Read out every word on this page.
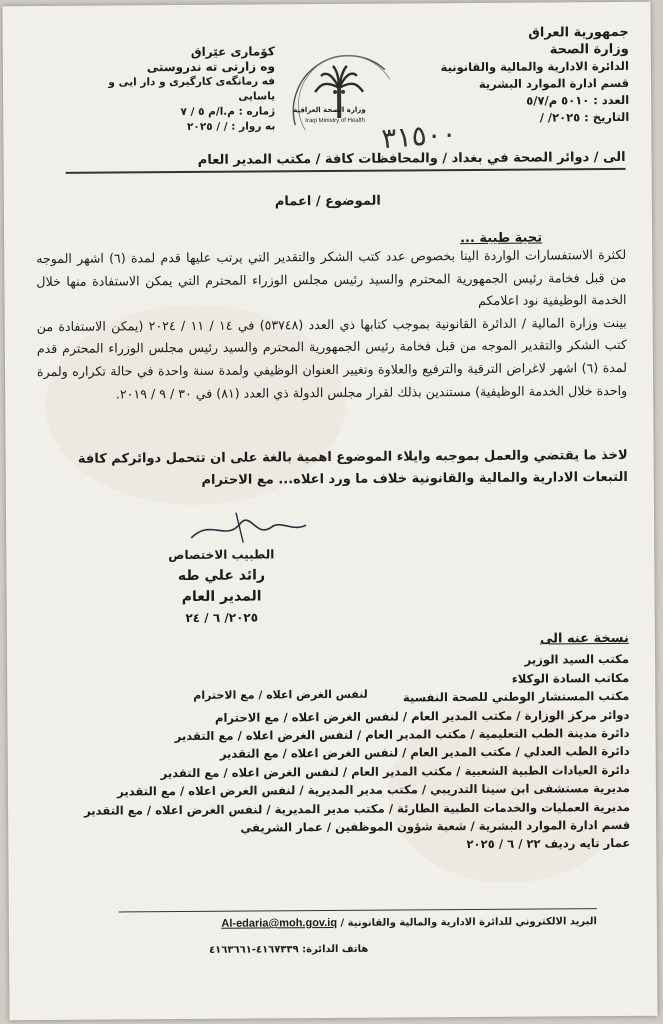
جمهورية العراق
وزارة الصحة
الدائرة الادارية والمالية والقانونية
قسم ادارة الموارد البشرية
العدد : ٥٠١٠ م/٥/٧
التاريخ : ٢٠٢٥/ /
كۆماری عێراق
وه زارتی ته ندروستی
فه رمانگه‌ی کارگیری و دار ایی و یاسایی
ژماره : م.ا/م ٥ / ٧
به روار : / / ٢٠٢٥
وزارة الصحة العراقية
Iraqi Ministry of Health ٣١٥٠٠
الى / دوائر الصحة في بغداد / والمحافظات كافة / مكتب المدير العام
الموضوع / اعمام
تحية طيبة ...

لكثرة الاستفسارات الواردة الينا بخصوص عدد كتب الشكر والتقدير التي يرتب عليها قدم لمدة (٦) اشهر الموجه من قبل فخامة رئيس الجمهورية المحترم والسيد رئيس مجلس الوزراء المحترم التي يمكن الاستفادة منها خلال الخدمة الوظيفية نود اعلامكم

بينت وزارة المالية / الدائرة القانونية بموجب كتابها ذي العدد (٥٣٧٤٨) في ١٤ / ١١ / ٢٠٢٤ (يمكن الاستفادة من كتب الشكر والتقدير الموجه من قبل فخامة رئيس الجمهورية المحترم والسيد رئيس مجلس الوزراء المحترم قدم لمدة (٦) اشهر لاغراض الترقية والترفيع والعلاوة وتغيير العنوان الوظيفي ولمدة سنة واحدة في حالة تكراره ولمرة واحدة خلال الخدمة الوظيفية) مستندين بذلك لقرار مجلس الدولة ذي العدد (٨١) في ٣٠ / ٩ / ٢٠١٩.

لاخذ ما يقتضي والعمل بموجبه وايلاء الموضوع اهمية بالغة على ان تتحمل دوائركم كافة التبعات الادارية والمالية والقانونية خلاف ما ورد اعلاه... مع الاحترام
الطبيب الاختصاص
رائد علي طه
المدير العام
٢٠٢٥/ ٦ / ٢٤
نسخة عنه الى
مكتب السيد الوزير
مكاتب السادة الوكلاء
مكتب المستشار الوطني للصحة النفسية
دوائر مركز الوزارة / مكتب المدير العام / لنفس الغرض اعلاه / مع الاحترام
دائرة مدينة الطب التعليمية / مكتب المدير العام / لنفس الغرض اعلاه / مع التقدير
دائرة الطب العدلي / مكتب المدير العام / لنفس الغرض اعلاه / مع التقدير
دائرة العيادات الطبية الشعبية / مكتب المدير العام / لنفس الغرض اعلاه / مع التقدير
مديرية مستشفى ابن سينا التدريبي / مكتب مدير المديرية / لنفس الغرض اعلاه / مع التقدير
مديرية العمليات والخدمات الطبية الطارئة / مكتب مدير المديرية / لنفس الغرض اعلاه / مع التقدير
قسم ادارة الموارد البشرية / شعبة شؤون الموظفين / عمار الشريفي
عمار تايه رديف ٢٢ / ٦ / ٢٠٢٥
لنفس الغرض اعلاه / مع الاحترام
البريد الالكتروني للدائرة الادارية والمالية والقانونية / Al-edaria@moh.gov.iq
هاتف الدائرة: ٤١٦٧٣٣٩-٤١٦٣٦٦١
